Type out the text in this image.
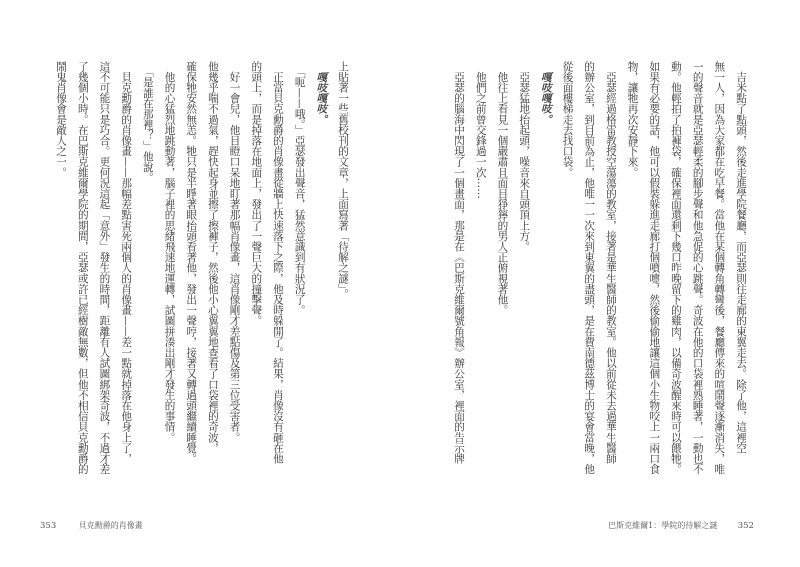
　吉米點了點頭，然後走進學院餐廳，而亞瑟則往走廊的東翼走去。除了他，這裡空
無一人，因為大家都在吃早餐。當他在某個轉角轉彎後，餐廳傳來的喧鬧聲逐漸消失，唯
一的聲音就是亞瑟輕柔的腳步聲和他急促的心跳聲。奇波在他的口袋裡熟睡著，一動也不
動。他輕拍了拍褲袋，確保裡面還剩下幾口昨晚留下的雞肉，以備奇波醒來時可以餵牠。
如果有必要的話，他可以假裝躲進走廊打個噴嚏，然後偷偷地讓這個小生物咬上一兩口食
物，讓牠再次安靜下來。
　亞瑟經過格雷教授空蕩蕩的教室，接著是華生醫師的教室。他以前從未去過華生醫師
的辦公室，到目前為止，他唯一一次來到東翼的盡頭，是在費南德茲博士的宴會當晚，他
從後面樓梯走去找口袋。
　嘎吱嘎吱。
　亞瑟猛地抬起頭，噪音來自頭頂上方。
　他往上看見一個嚴肅且面目猙獰的男人正俯視著他。
　他們之前曾交鋒過一次……
　亞瑟的腦海中閃現了一個畫面，那是在《巴斯克維爾號角報》辦公室，裡面的告示牌
上貼著一些舊校刊的文章，上面寫著「待解之謎」。
　嘎吱嘎吱。
　「呃——哦。」亞瑟發出聲音，猛然意識到有狀況了。
　正當貝克勳爵的肖像畫從牆上快速落下之際，他及時躲開了。結果，肖像沒有砸在他
的頭上，而是掉落在地面上，發出了一聲巨大的撞擊聲。
　好一會兒，他目瞪口呆地盯著那幅肖像畫，這肖像剛才差點傷及第三位受害者。
他幾乎喘不過氣，趕快起身並擦了擦褲子，然後他小心翼翼地查看了口袋裡的奇波，
確保牠安然無恙。牠只是半睜著眼抬頭看著他，發出一聲哼，接著又轉過頭繼續睡覺。
　他的心猛烈地跳動著，腦子裡的思緒飛速地運轉，試圖拼湊出剛才發生的事情。
　「是誰在那裡？」他說。
　貝克勳爵的肖像畫——那幅差點害死兩個人的肖像畫——差一點就掉落在他身上了，
這不可能只是巧合。更何況這起「意外」發生的時間，距離有人試圖綁架奇波，不過才差
了幾個小時。在巴斯克維爾學院的期間，亞瑟或許已經樹敵無數，但他不相信貝克勳爵的
鬧鬼肖像會是敵人之一。
353	貝克勳爵的肖像畫	巴斯克維爾1：學院的待解之謎 352
